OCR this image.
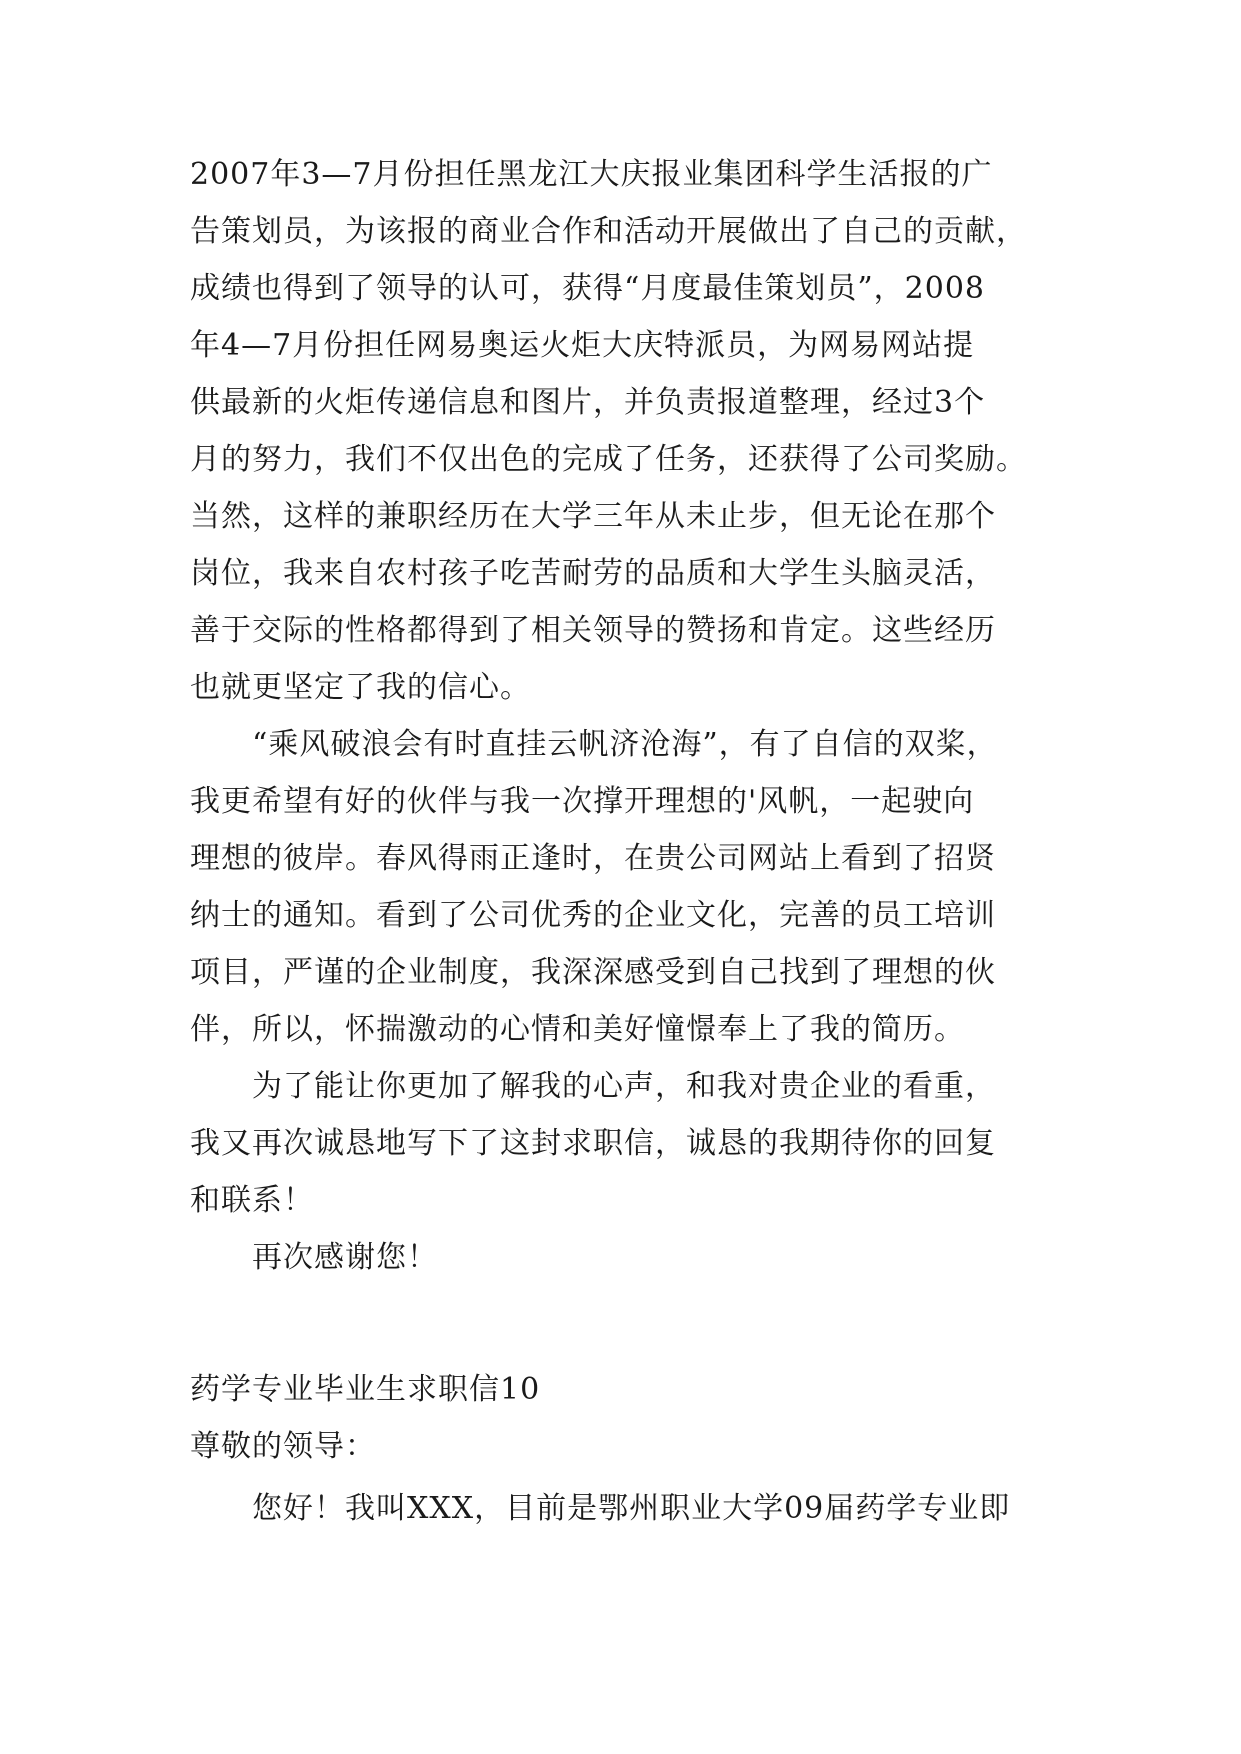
2007年3—7月份担任黑龙江大庆报业集团科学生活报的广
告策划员，为该报的商业合作和活动开展做出了自己的贡献，
成绩也得到了领导的认可，获得“月度最佳策划员”，2008
年4—7月份担任网易奥运火炬大庆特派员，为网易网站提
供最新的火炬传递信息和图片，并负责报道整理，经过3个
月的努力，我们不仅出色的完成了任务，还获得了公司奖励。
当然，这样的兼职经历在大学三年从未止步，但无论在那个
岗位，我来自农村孩子吃苦耐劳的品质和大学生头脑灵活，
善于交际的性格都得到了相关领导的赞扬和肯定。这些经历
也就更坚定了我的信心。
“乘风破浪会有时直挂云帆济沧海”，有了自信的双桨，
我更希望有好的伙伴与我一次撑开理想的'风帆，一起驶向
理想的彼岸。春风得雨正逢时，在贵公司网站上看到了招贤
纳士的通知。看到了公司优秀的企业文化，完善的员工培训
项目，严谨的企业制度，我深深感受到自己找到了理想的伙
伴，所以，怀揣激动的心情和美好憧憬奉上了我的简历。
为了能让你更加了解我的心声，和我对贵企业的看重，
我又再次诚恳地写下了这封求职信，诚恳的我期待你的回复
和联系！
再次感谢您！
药学专业毕业生求职信10
尊敬的领导：
您好！我叫XXX，目前是鄂州职业大学09届药学专业即
